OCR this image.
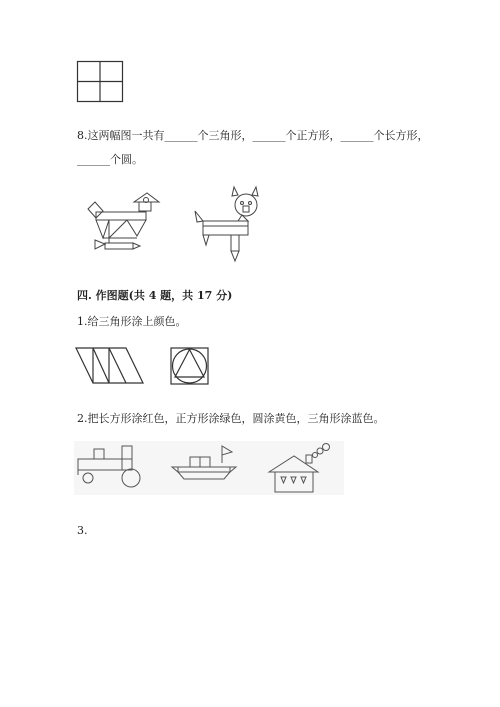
8.这两幅图一共有______个三角形，______个正方形，______个长方形，
______个圆。
四. 作图题(共 4 题，共 17 分)
1.给三角形涂上颜色。
2.把长方形涂红色，正方形涂绿色，圆涂黄色，三角形涂蓝色。
3.
